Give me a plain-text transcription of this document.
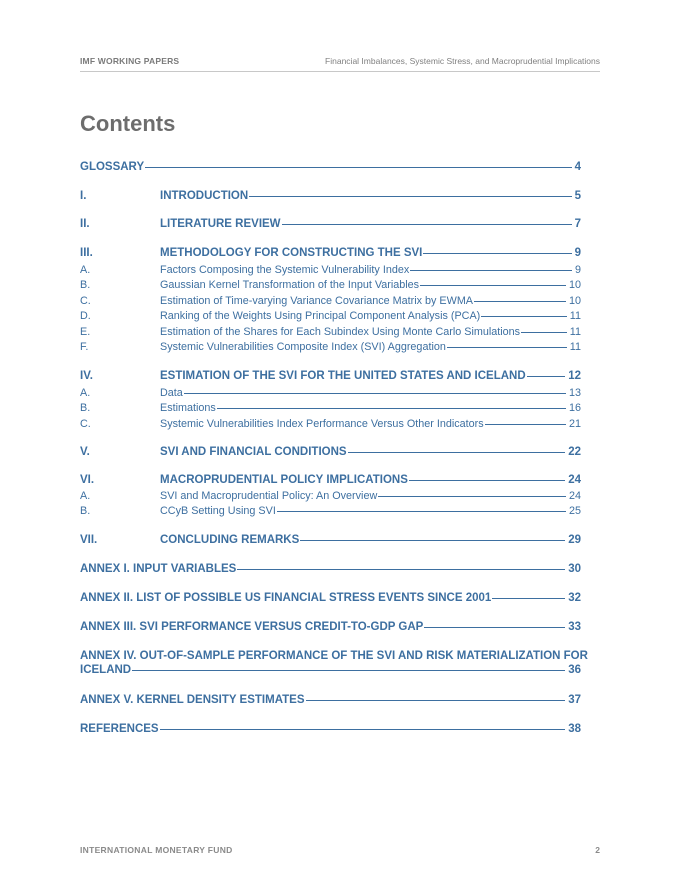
IMF WORKING PAPERS	Financial Imbalances, Systemic Stress, and Macroprudential Implications
Contents
GLOSSARY	4
I.	INTRODUCTION	5
II.	LITERATURE REVIEW	7
III.	METHODOLOGY FOR CONSTRUCTING THE SVI	9
A.	Factors Composing the Systemic Vulnerability Index	9
B.	Gaussian Kernel Transformation of the Input Variables	10
C.	Estimation of Time-varying Variance Covariance Matrix by EWMA	10
D.	Ranking of the Weights Using Principal Component Analysis (PCA)	11
E.	Estimation of the Shares for Each Subindex Using Monte Carlo Simulations	11
F.	Systemic Vulnerabilities Composite Index (SVI) Aggregation	11
IV.	ESTIMATION OF THE SVI FOR THE UNITED STATES AND ICELAND	12
A.	Data	13
B.	Estimations	16
C.	Systemic Vulnerabilities Index Performance Versus Other Indicators	21
V.	SVI AND FINANCIAL CONDITIONS	22
VI.	MACROPRUDENTIAL POLICY IMPLICATIONS	24
A.	SVI and Macroprudential Policy: An Overview	24
B.	CCyB Setting Using SVI	25
VII.	CONCLUDING REMARKS	29
ANNEX I. INPUT VARIABLES	30
ANNEX II. LIST OF POSSIBLE US FINANCIAL STRESS EVENTS SINCE 2001	32
ANNEX III. SVI PERFORMANCE VERSUS CREDIT-TO-GDP GAP	33
ANNEX IV. OUT-OF-SAMPLE PERFORMANCE OF THE SVI AND RISK MATERIALIZATION FOR
ICELAND	36
ANNEX V. KERNEL DENSITY ESTIMATES	37
REFERENCES	38
INTERNATIONAL MONETARY FUND	2
